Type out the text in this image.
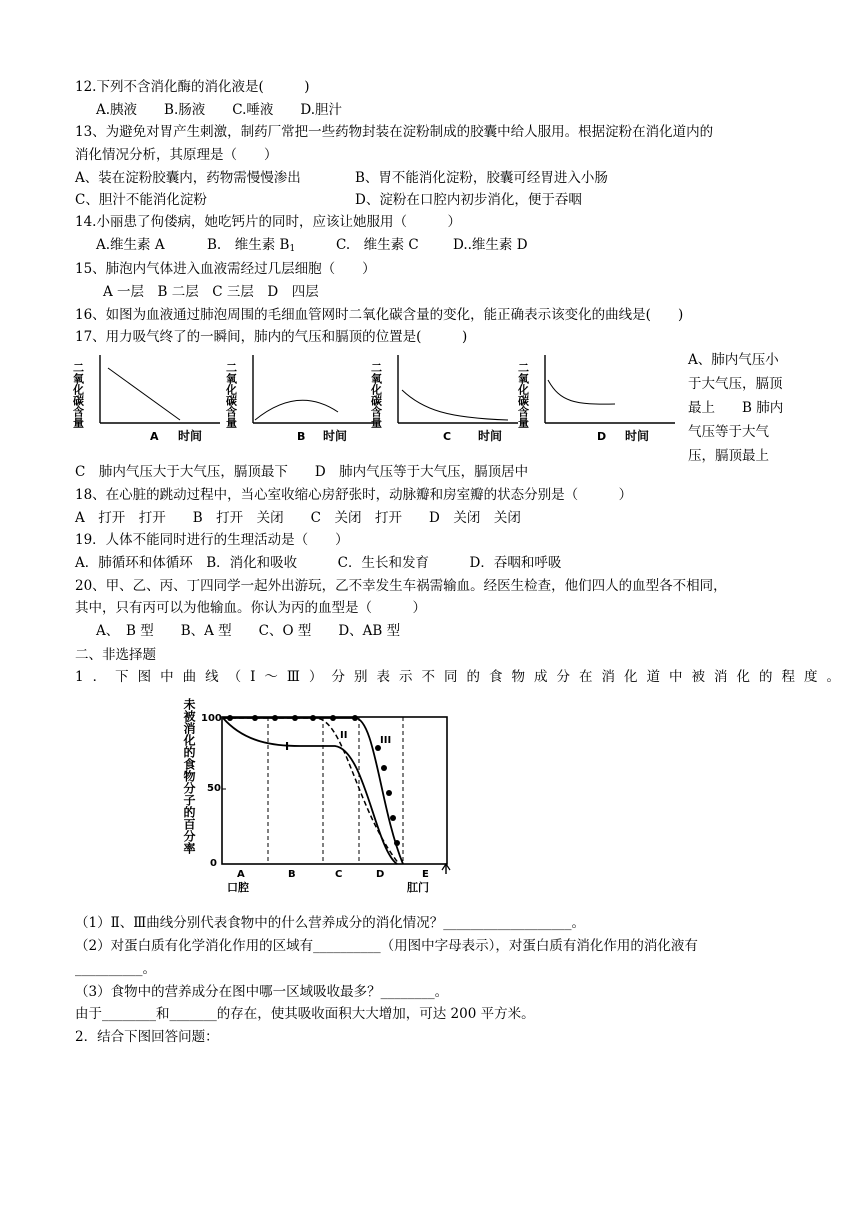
12.下列不含消化酶的消化液是(　　　)
A.胰液　　B.肠液　　C.唾液　　D.胆汁
13、为避免对胃产生刺激，制药厂常把一些药物封装在淀粉制成的胶囊中给人服用。根据淀粉在消化道内的
消化情况分析，其原理是（　　）
A、装在淀粉胶囊内，药物需慢慢渗出	B、胃不能消化淀粉，胶囊可经胃进入小肠
C、胆汁不能消化淀粉	D、淀粉在口腔内初步消化，便于吞咽
14.小丽患了佝偻病，她吃钙片的同时，应该让她服用（　　　）
A.维生素 A	B.　维生素 $B_1$	C.　维生素 C	D..维生素 D
15、肺泡内气体进入血液需经过几层细胞（　　）
A 一层　B 二层　C 三层　D　四层
16、如图为血液通过肺泡周围的毛细血管网时二氧化碳含量的变化，能正确表示该变化的曲线是(　　)
17、用力吸气终了的一瞬间，肺内的气压和膈顶的位置是(　　　)
二氧化碳含量
A 时间
二氧化碳含量
B 时间
二氧化碳含量
C 时间
二氧化碳含量
D 时间
A、肺内气压小于大气压，膈顶最上　　B 肺内气压等于大气压，膈顶最上
C　肺内气压大于大气压，膈顶最下　　D　肺内气压等于大气压，膈顶居中
18、在心脏的跳动过程中，当心室收缩心房舒张时，动脉瓣和房室瓣的状态分别是（　　　）
A　打开　打开　　B　打开　关闭　　C　关闭　打开　　D　关闭　关闭
19．人体不能同时进行的生理活动是（　　）
A．肺循环和体循环　B．消化和吸收　　　C．生长和发育　　　D．吞咽和呼吸
20、甲、乙、丙、丁四同学一起外出游玩，乙不幸发生车祸需输血。经医生检查，他们四人的血型各不相同，
其中，只有丙可以为他输血。你认为丙的血型是（　　　）
A、　B 型　　B、A 型　　C、O 型　　D、AB 型
二、非选择题
1．下图中曲线（Ⅰ～Ⅲ）分别表示不同的食物成分在消化道中被消化的程度。
未被消化的食物分子的百分率 100
50
0
I
II	III
A	B	C	D	E
口腔	肛门
（1）Ⅱ、Ⅲ曲线分别代表食物中的什么营养成分的消化情况？___________________。
（2）对蛋白质有化学消化作用的区域有__________（用图中字母表示），对蛋白质有消化作用的消化液有
__________。
（3）食物中的营养成分在图中哪一区域吸收最多？________。
由于________和_______的存在，使其吸收面积大大增加，可达 200 平方米。
2．结合下图回答问题：
